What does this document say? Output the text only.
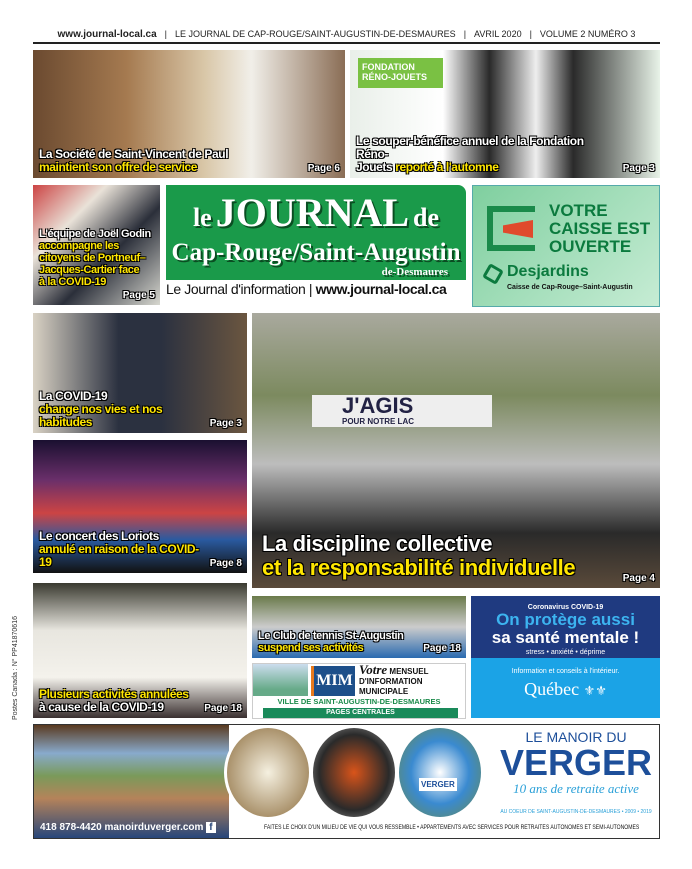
www.journal-local.ca | LE JOURNAL DE CAP-ROUGE/SAINT-AUGUSTIN-DE-DESMAURES | AVRIL 2020 | VOLUME 2 NUMÉRO 3
La Société de Saint-Vincent de Paul
maintient son offre de service	Page 6
FONDATION RÉNO-JOUETS
Le souper-bénéfice annuel de la Fondation Réno-
Jouets reporté à l'automne	Page 3
L'équipe de Joël Godin
accompagne les
citoyens de Portneuf–
Jacques-Cartier face
à la COVID-19
Page 5
le JOURNAL de
Cap-Rouge/Saint-Augustin
de-Desmaures
Le Journal d'information | www.journal-local.ca
VOTRE
CAISSE EST
OUVERTE
Desjardins
Caisse de Cap-Rouge–Saint-Augustin
La COVID-19
change nos vies et nos habitudes	Page 3
Le concert des Loriots
annulé en raison de la COVID-19	Page 8
Plusieurs activités annulées
à cause de la COVID-19	Page 18
J'AGIS
POUR NOTRE LAC
La discipline collective
et la responsabilité individuelle	Page 4
Le Club de tennis St-Augustin
suspend ses activités	Page 18
MIM
Votre MENSUEL
D'INFORMATION MUNICIPALE
VILLE DE SAINT-AUGUSTIN-DE-DESMAURES
PAGES CENTRALES
Coronavirus COVID-19
On protège aussi
sa santé mentale !
stress • anxiété • déprime
Information et conseils à l'intérieur.
Québec ⚜⚜
Postes Canada : N° PP41870616
VERGER
LE MANOIR DU
VERGER
10 ans de retraite active
AU COEUR DE SAINT-AUGUSTIN-DE-DESMAURES • 2009 • 2019
418 878-4420 manoirduverger.com f	FAITES LE CHOIX D'UN MILIEU DE VIE QUI VOUS RESSEMBLE • APPARTEMENTS AVEC SERVICES POUR RETRAITÉS AUTONOMES ET SEMI-AUTONOMES
